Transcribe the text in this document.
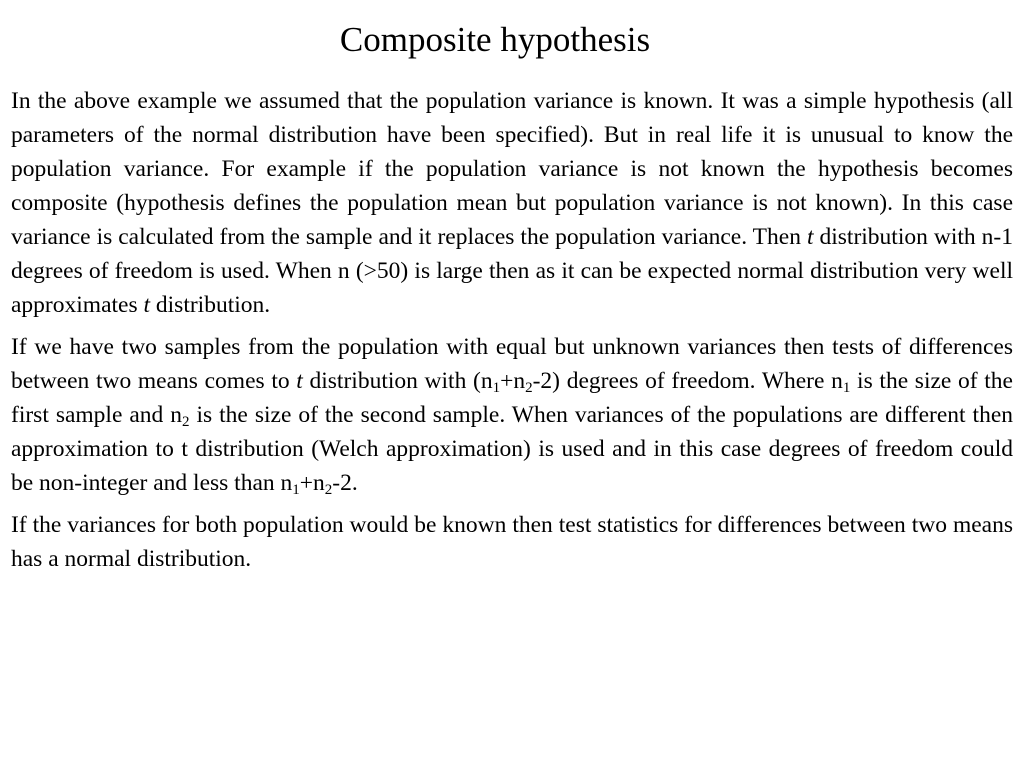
Composite hypothesis

In the above example we assumed that the population variance is known. It was a simple hypothesis (all parameters of the normal distribution have been specified). But in real life it is unusual to know the population variance. For example if the population variance is not known the hypothesis becomes composite (hypothesis defines the population mean but population variance is not known). In this case variance is calculated from the sample and it replaces the population variance. Then t distribution with n-1 degrees of freedom is used. When n (>50) is large then as it can be expected normal distribution very well approximates t distribution.

If we have two samples from the population with equal but unknown variances then tests of differences between two means comes to t distribution with $(n_1+n_2-2)$ degrees of freedom. Where $n_1$ is the size of the first sample and $n_2$ is the size of the second sample. When variances of the populations are different then approximation to t distribution (Welch approximation) is used and in this case degrees of freedom could be non-integer and less than $n_1+n_2-2$.

If the variances for both population would be known then test statistics for differences between two means has a normal distribution.
